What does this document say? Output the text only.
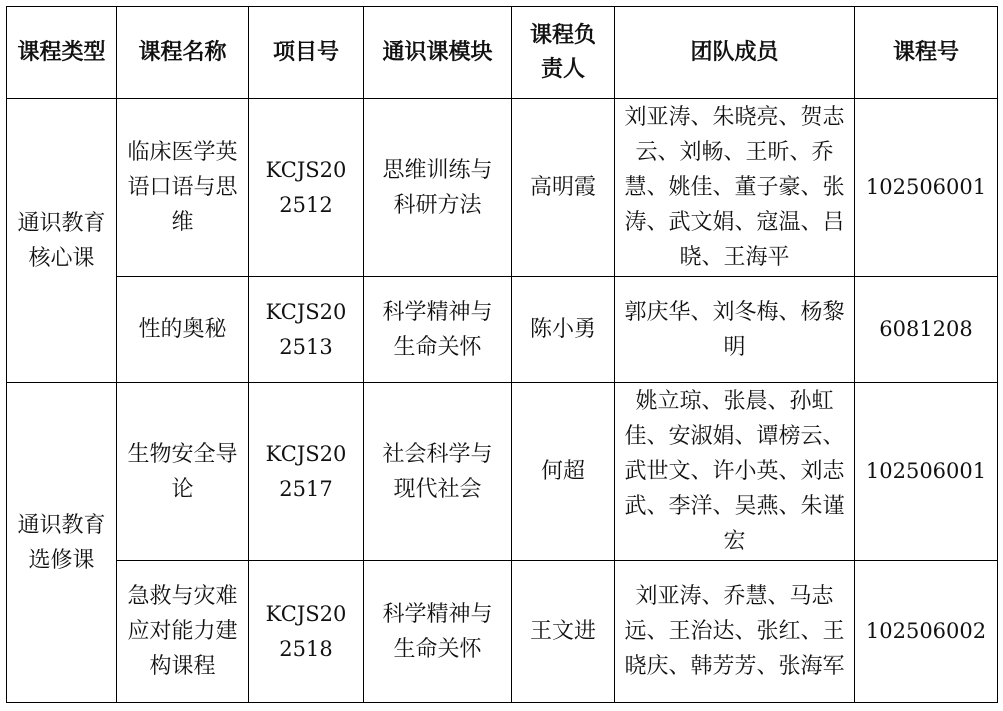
课程类型	课程名称	项目号	通识课模块	课程负责人	团队成员	课程号
通识教育核心课	临床医学英语口语与思维	KCJS202512	思维训练与科研方法	高明霞	刘亚涛、朱晓亮、贺志云、刘畅、王昕、乔慧、姚佳、董子豪、张涛、武文娟、寇温、吕晓、王海平	102506001
	性的奥秘	KCJS202513	科学精神与生命关怀	陈小勇	郭庆华、刘冬梅、杨黎明	6081208
通识教育选修课	生物安全导论	KCJS202517	社会科学与现代社会	何超	姚立琼、张晨、孙虹佳、安淑娟、谭榜云、武世文、许小英、刘志武、李洋、吴燕、朱谨宏	102506001
	急救与灾难应对能力建构课程	KCJS202518	科学精神与生命关怀	王文进	刘亚涛、乔慧、马志远、王治达、张红、王晓庆、韩芳芳、张海军	102506002
